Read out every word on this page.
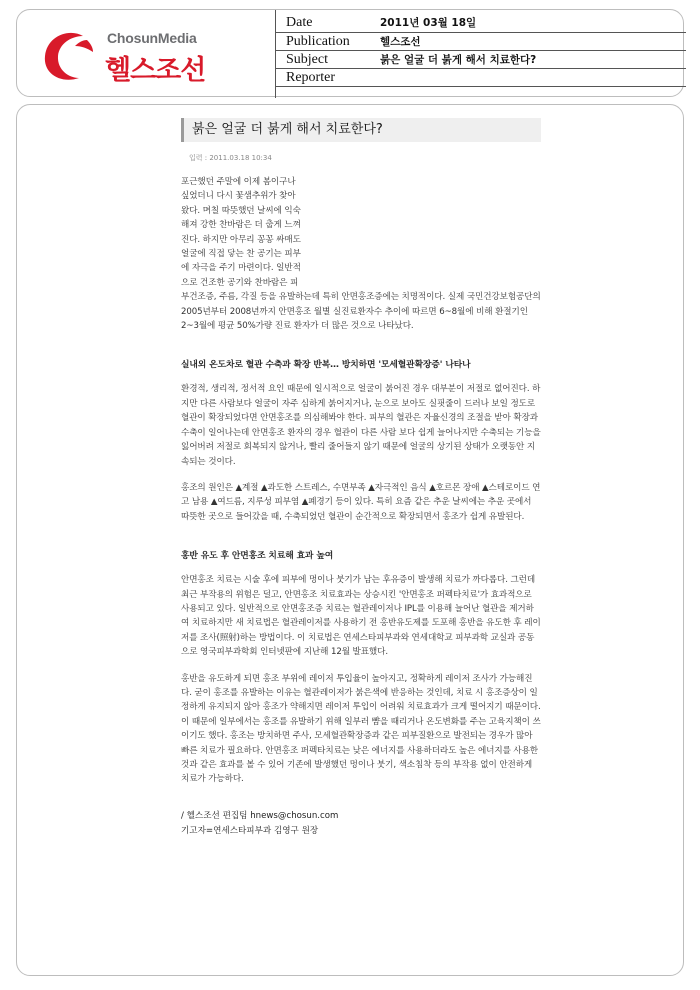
ChosunMedia
헬스조선
Date	2011년 03월 18일
Publication	헬스조선
Subject	붉은 얼굴 더 붉게 해서 치료한다?
Reporter
붉은 얼굴 더 붉게 해서 치료한다?
입력 : 2011.03.18 10:34
포근했던 주말에 이제 봄이구나
싶었더니 다시 꽃샘추위가 찾아
왔다. 며칠 따뜻했던 날씨에 익숙
해져 강한 찬바람은 더 춥게 느껴
진다. 하지만 아무리 꽁꽁 싸매도
얼굴에 직접 닿는 찬 공기는 피부
에 자극을 주기 마련이다. 일반적
으로 건조한 공기와 찬바람은 피
부건조증, 주름, 각질 등을 유발하는데 특히 안면홍조증에는 치명적이다. 실제 국민건강보험공단의 2005년부터 2008년까지 안면홍조 월별 실진료환자수 추이에 따르면 6~8월에 비해 환절기인 2~3월에 평균 50%가량 진료 환자가 더 많은 것으로 나타났다.
실내외 온도차로 혈관 수축과 확장 반복… 방치하면 '모세혈관확장증' 나타나
환경적, 생리적, 정서적 요인 때문에 일시적으로 얼굴이 붉어진 경우 대부분이 저절로 없어진다. 하지만 다른 사람보다 얼굴이 자주 심하게 붉어지거나, 눈으로 보아도 실핏줄이 드러나 보일 정도로 혈관이 확장되었다면 안면홍조를 의심해봐야 한다. 피부의 혈관은 자율신경의 조절을 받아 확장과 수축이 일어나는데 안면홍조 환자의 경우 혈관이 다른 사람 보다 쉽게 늘어나지만 수축되는 기능을 잃어버려 저절로 회복되지 않거나, 빨리 줄어들지 않기 때문에 얼굴의 상기된 상태가 오랫동안 지속되는 것이다.
홍조의 원인은 ▲계절 ▲과도한 스트레스, 수면부족 ▲자극적인 음식 ▲호르몬 장애 ▲스테로이드 연고 남용 ▲여드름, 지루성 피부염 ▲폐경기 등이 있다. 특히 요즘 같은 추운 날씨에는 추운 곳에서 따뜻한 곳으로 들어갔을 때, 수축되었던 혈관이 순간적으로 확장되면서 홍조가 쉽게 유발된다.
홍반 유도 후 안면홍조 치료해 효과 높여
안면홍조 치료는 시술 후에 피부에 멍이나 붓기가 남는 후유증이 발생해 치료가 까다롭다. 그런데 최근 부작용의 위험은 덜고, 안면홍조 치료효과는 상승시킨 '안면홍조 퍼펙타치료'가 효과적으로 사용되고 있다. 일반적으로 안면홍조증 치료는 혈관레이저나 IPL를 이용해 늘어난 혈관을 제거하여 치료하지만 새 치료법은 혈관레이저를 사용하기 전 홍반유도제를 도포해 홍반을 유도한 후 레이저를 조사(照射)하는 방법이다. 이 치료법은 연세스타피부과와 연세대학교 피부과학 교실과 공동으로 영국피부과학회 인터넷판에 지난해 12월 발표했다.
홍반을 유도하게 되면 홍조 부위에 레이저 투입율이 높아지고, 정확하게 레이저 조사가 가능해진다. 굳이 홍조를 유발하는 이유는 혈관레이저가 붉은색에 반응하는 것인데, 치료 시 홍조증상이 일정하게 유지되지 않아 홍조가 약해지면 레이저 투입이 어려워 치료효과가 크게 떨어지기 때문이다. 이 때문에 일부에서는 홍조를 유발하기 위해 일부러 뺨을 때리거나 온도변화를 주는 고육지책이 쓰이기도 했다. 홍조는 방치하면 주사, 모세혈관확장증과 같은 피부질환으로 발전되는 경우가 많아 빠른 치료가 필요하다. 안면홍조 퍼펙타치료는 낮은 에너지를 사용하더라도 높은 에너지를 사용한 것과 같은 효과를 볼 수 있어 기존에 발생했던 멍이나 붓기, 색소침착 등의 부작용 없이 안전하게 치료가 가능하다.
/ 헬스조선 편집팀 hnews@chosun.com
기고자=연세스타피부과 김영구 원장
